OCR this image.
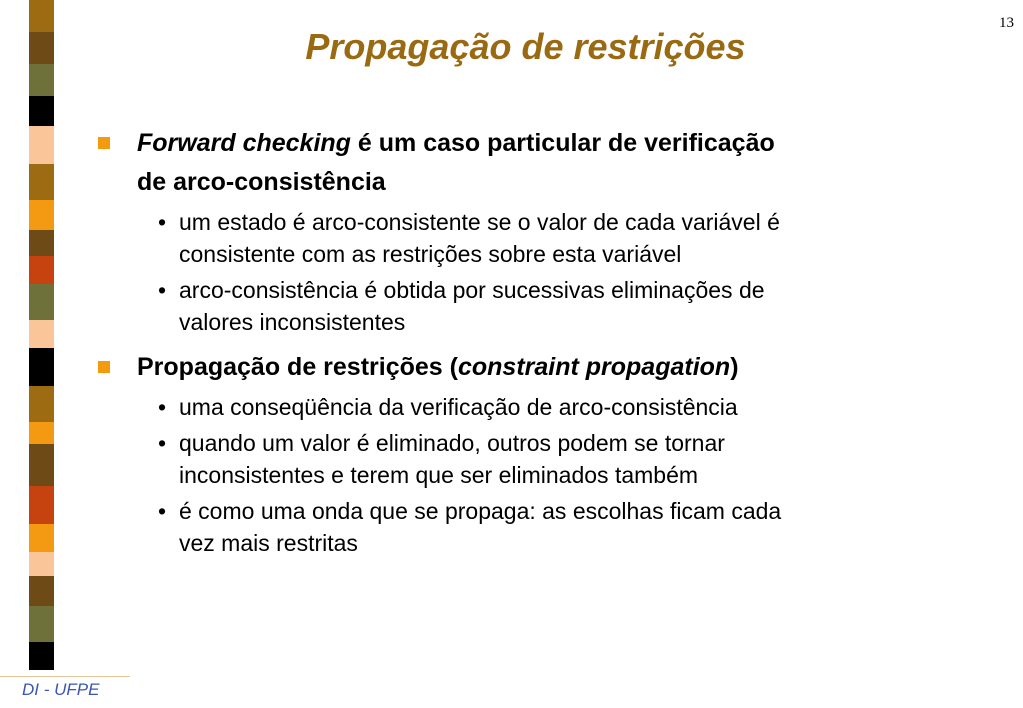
13
Propagação de restrições
Forward checking é um caso particular de verificação
de arco-consistência
• um estado é arco-consistente se o valor de cada variável é
consistente com as restrições sobre esta variável
• arco-consistência é obtida por sucessivas eliminações de
valores inconsistentes
Propagação de restrições (constraint propagation)
• uma conseqüência da verificação de arco-consistência
• quando um valor é eliminado, outros podem se tornar
inconsistentes e terem que ser eliminados também
• é como uma onda que se propaga: as escolhas ficam cada
vez mais restritas
DI - UFPE
